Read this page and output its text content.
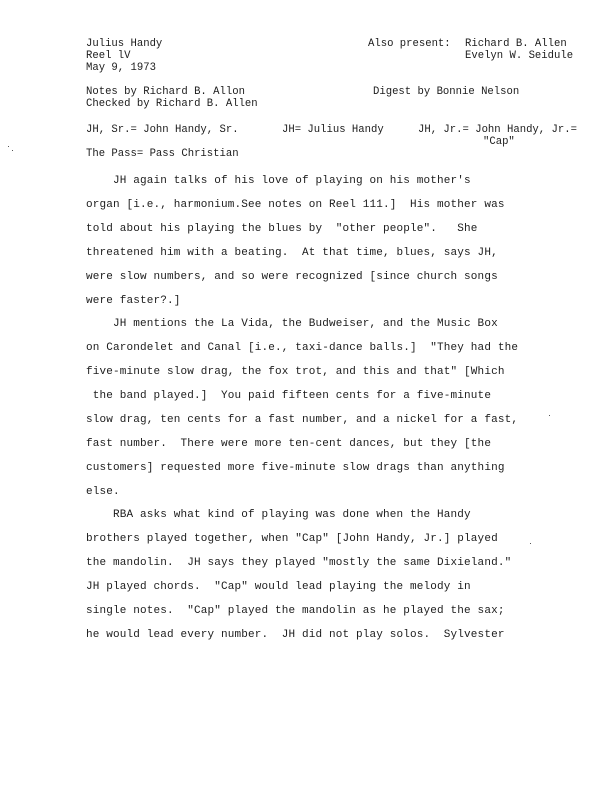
Julius Handy
Reel lV
May 9, 1973
Also present: Richard B. Allen
Evelyn W. Seidule
Notes by Richard B. Allon
Checked by Richard B. Allen
Digest by Bonnie Nelson
JH, Sr.= John Handy, Sr.	JH= Julius Handy	JH, Jr.= John Handy, Jr.=
"Cap"
The Pass= Pass Christian
JH again talks of his love of playing on his mother's
organ [i.e., harmonium.See notes on Reel 111.]  His mother was
told about his playing the blues by  "other people".   She
threatened him with a beating.  At that time, blues, says JH,
were slow numbers, and so were recognized [since church songs
were faster?.]
JH mentions the La Vida, the Budweiser, and the Music Box
on Carondelet and Canal [i.e., taxi-dance balls.]  "They had the
five-minute slow drag, the fox trot, and this and that" [Which
the band played.]  You paid fifteen cents for a five-minute
slow drag, ten cents for a fast number, and a nickel for a fast,
fast number.  There were more ten-cent dances, but they [the
customers] requested more five-minute slow drags than anything
else.
RBA asks what kind of playing was done when the Handy
brothers played together, when "Cap" [John Handy, Jr.] played
the mandolin.  JH says they played "mostly the same Dixieland."
JH played chords.  "Cap" would lead playing the melody in
single notes.  "Cap" played the mandolin as he played the sax;
he would lead every number.  JH did not play solos.  Sylvester
